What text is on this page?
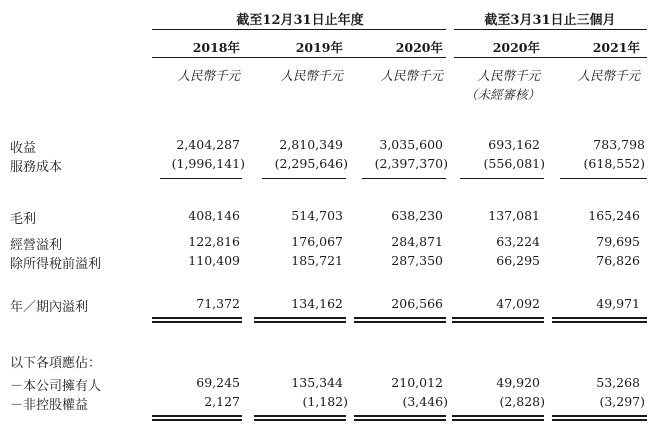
截至12月31日止年度	截至3月31日止三個月
2018年	2019年	2020年	2020年	2021年
人民幣千元	人民幣千元	人民幣千元	人民幣千元	人民幣千元
（未經審核）
收益	2,404,287	2,810,349	3,035,600	693,162	783,798
服務成本	(1,996,141)	(2,295,646)	(2,397,370)	(556,081)	(618,552)
毛利	408,146	514,703	638,230	137,081	165,246
經營溢利	122,816	176,067	284,871	63,224	79,695
除所得稅前溢利	110,409	185,721	287,350	66,295	76,826
年／期內溢利	71,372	134,162	206,566	47,092	49,971
以下各項應佔：
－本公司擁有人	69,245	135,344	210,012	49,920	53,268
－非控股權益	2,127	(1,182)	(3,446)	(2,828)	(3,297)
